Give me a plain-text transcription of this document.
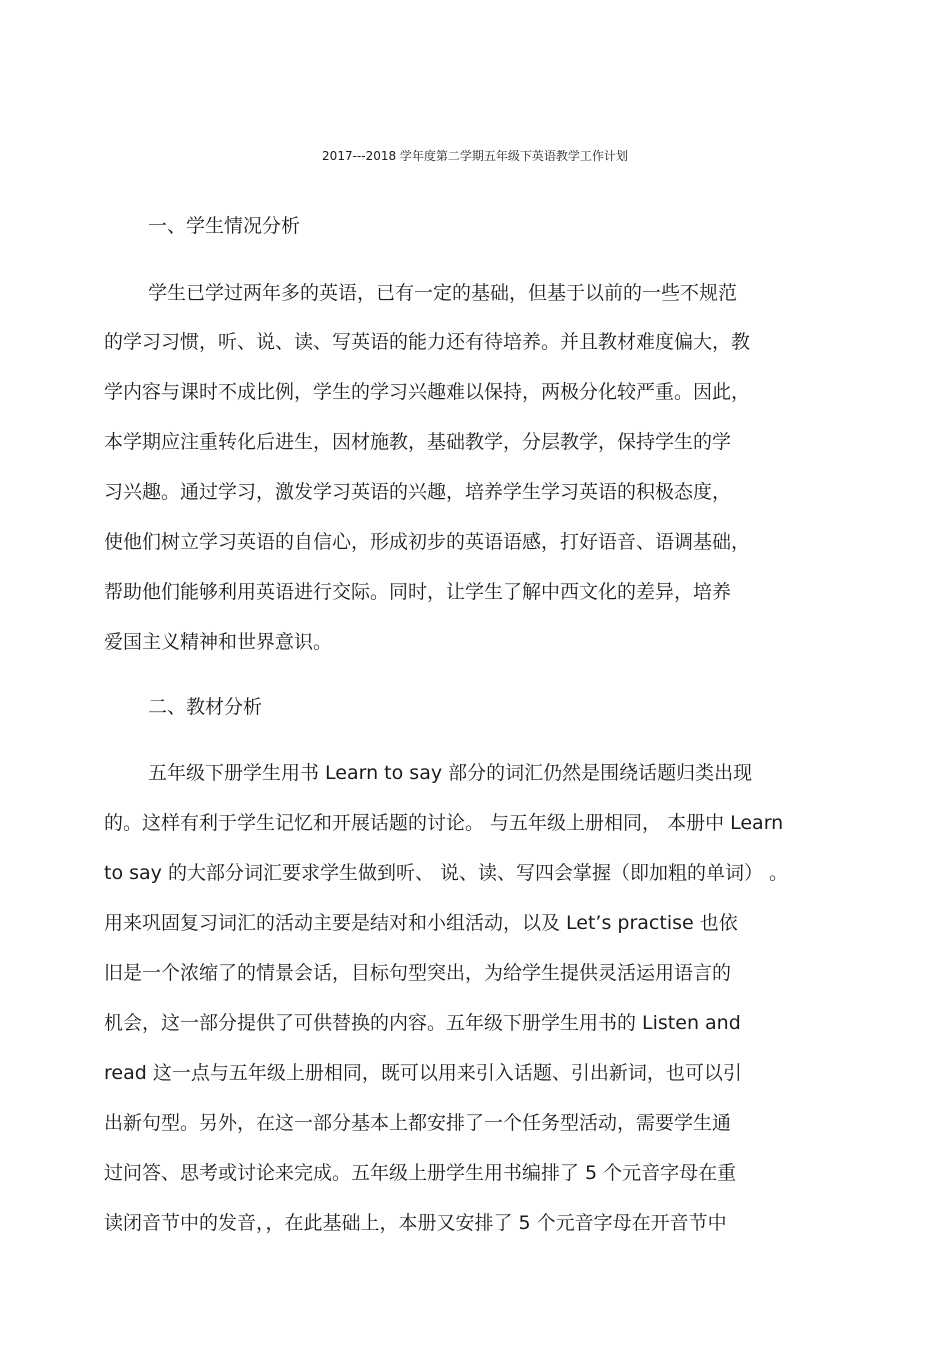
2017---2018 学年度第二学期五年级下英语教学工作计划
一、学生情况分析
学生已学过两年多的英语，已有一定的基础，但基于以前的一些不规范
的学习习惯，听、说、读、写英语的能力还有待培养。并且教材难度偏大，教
学内容与课时不成比例，学生的学习兴趣难以保持，两极分化较严重。因此，
本学期应注重转化后进生，因材施教，基础教学，分层教学，保持学生的学
习兴趣。通过学习，激发学习英语的兴趣，培养学生学习英语的积极态度，
使他们树立学习英语的自信心，形成初步的英语语感，打好语音、语调基础，
帮助他们能够利用英语进行交际。同时，让学生了解中西文化的差异，培养
爱国主义精神和世界意识。
二、教材分析
五年级下册学生用书 Learn to say 部分的词汇仍然是围绕话题归类出现
的。这样有利于学生记忆和开展话题的讨论。 与五年级上册相同， 本册中 Learn
to say 的大部分词汇要求学生做到听、 说、读、写四会掌握（即加粗的单词） 。
用来巩固复习词汇的活动主要是结对和小组活动，以及 Let’s practise 也依
旧是一个浓缩了的情景会话，目标句型突出，为给学生提供灵活运用语言的
机会，这一部分提供了可供替换的内容。五年级下册学生用书的 Listen and
read 这一点与五年级上册相同，既可以用来引入话题、引出新词，也可以引
出新句型。另外，在这一部分基本上都安排了一个任务型活动，需要学生通
过问答、思考或讨论来完成。五年级上册学生用书编排了 5 个元音字母在重
读闭音节中的发音，，在此基础上，本册又安排了 5 个元音字母在开音节中
